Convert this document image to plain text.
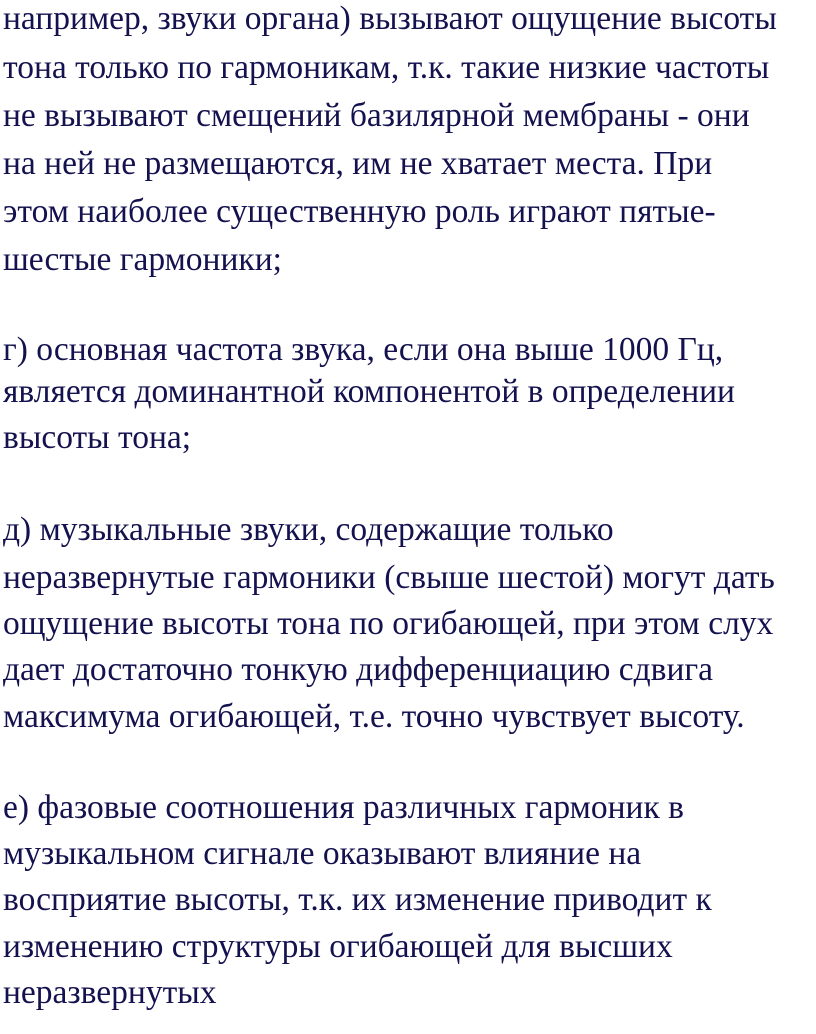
например, звуки органа) вызывают ощущение высоты
тона только по гармоникам, т.к. такие низкие частоты
не вызывают смещений базилярной мембраны - они
на ней не размещаются, им не хватает места. При
этом наиболее существенную роль играют пятые-
шестые гармоники;
г) основная частота звука, если она выше 1000 Гц,
является доминантной компонентой в определении
высоты тона;
д) музыкальные звуки, содержащие только
неразвернутые гармоники (свыше шестой) могут дать
ощущение высоты тона по огибающей, при этом слух
дает достаточно тонкую дифференциацию сдвига
максимума огибающей, т.е. точно чувствует высоту.
е) фазовые соотношения различных гармоник в
музыкальном сигнале оказывают влияние на
восприятие высоты, т.к. их изменение приводит к
изменению структуры огибающей для высших
неразвернутых
